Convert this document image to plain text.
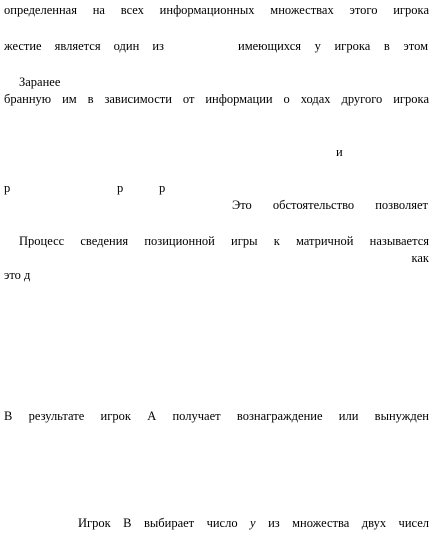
определенная на всех информационных множествах этого игрока
жестие является один из	имеющихся у игрока в этом
Заранее
бранную им в зависимости от информации о ходах другого игрока
и
р	р	р
Это обстоятельство позволяет
Процесс сведения позиционной игры к матричной называется
как
это д
В результате игрок А получает вознаграждение или вынужден
Игрок В выбирает число y из множества двух чисел
